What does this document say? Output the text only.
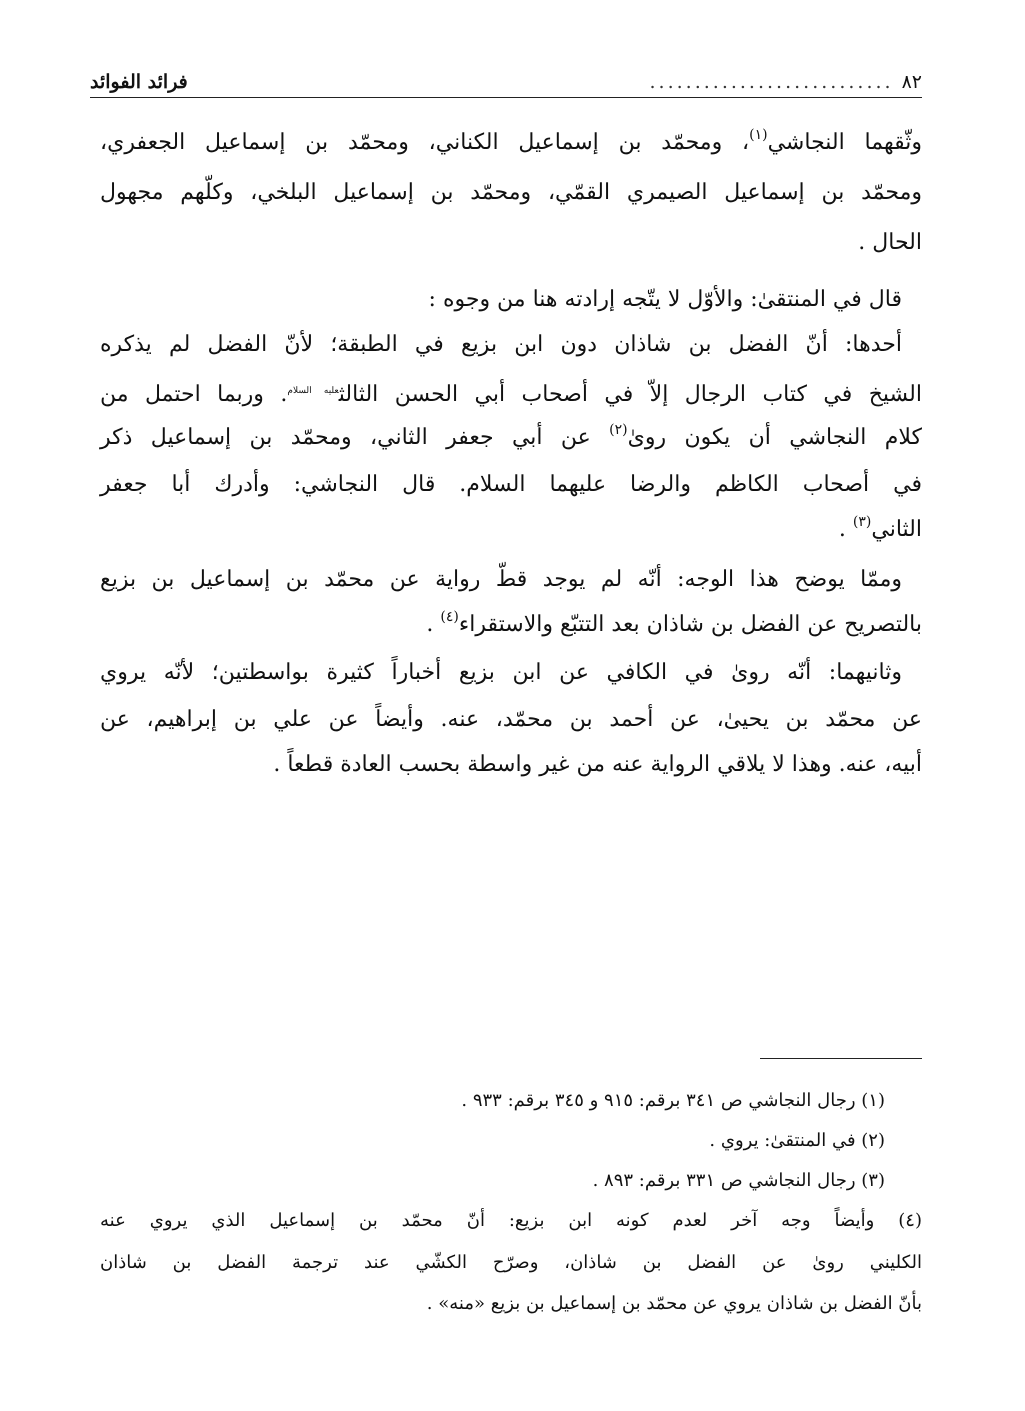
٨٢
...........................
فرائد الفوائد
وثّقهما النجاشي$^{(١)}$، ومحمّد بن إسماعيل الكناني، ومحمّد بن إسماعيل الجعفري،
ومحمّد بن إسماعيل الصيمري القمّي، ومحمّد بن إسماعيل البلخي، وكلّهم مجهول
الحال .
قال في المنتقىٰ: والأوّل لا يتّجه إرادته هنا من وجوه :
أحدها: أنّ الفضل بن شاذان دون ابن بزيع في الطبقة؛ لأنّ الفضل لم يذكره
الشيخ في كتاب الرجال إلاّ في أصحاب أبي الحسن الثالث$^{عليه السلام}$. وربما احتمل من
كلام النجاشي أن يكون روىٰ$^{(٢)}$ عن أبي جعفر الثاني، ومحمّد بن إسماعيل ذكر
في أصحاب الكاظم والرضا عليهما السلام. قال النجاشي: وأدرك أبا جعفر
الثاني$^{(٣)}$ .
وممّا يوضح هذا الوجه: أنّه لم يوجد قطّ رواية عن محمّد بن إسماعيل بن بزيع
بالتصريح عن الفضل بن شاذان بعد التتبّع والاستقراء$^{(٤)}$ .
وثانيهما: أنّه روىٰ في الكافي عن ابن بزيع أخباراً كثيرة بواسطتين؛ لأنّه يروي
عن محمّد بن يحيىٰ، عن أحمد بن محمّد، عنه. وأيضاً عن علي بن إبراهيم، عن
أبيه، عنه. وهذا لا يلاقي الرواية عنه من غير واسطة بحسب العادة قطعاً .
(١) رجال النجاشي ص ٣٤١ برقم: ٩١٥ و ٣٤٥ برقم: ٩٣٣ .
(٢) في المنتقىٰ: يروي .
(٣) رجال النجاشي ص ٣٣١ برقم: ٨٩٣ .
(٤) وأيضاً وجه آخر لعدم كونه ابن بزيع: أنّ محمّد بن إسماعيل الذي يروي عنه
الكليني روىٰ عن الفضل بن شاذان، وصرّح الكشّي عند ترجمة الفضل بن شاذان
بأنّ الفضل بن شاذان يروي عن محمّد بن إسماعيل بن بزيع «منه» .
